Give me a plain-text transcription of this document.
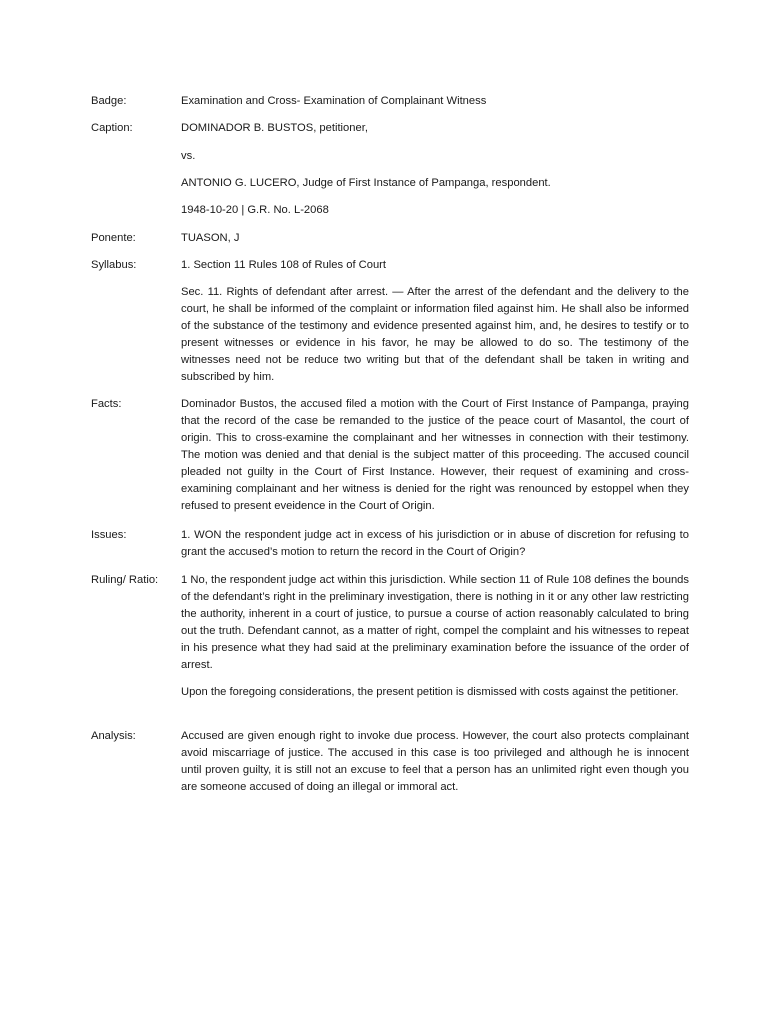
Badge:	Examination and Cross- Examination of Complainant Witness

Caption:	DOMINADOR B. BUSTOS, petitioner,

vs.

ANTONIO G. LUCERO, Judge of First Instance of Pampanga, respondent.

1948-10-20 | G.R. No. L-2068

Ponente:	TUASON, J

Syllabus:	1. Section 11 Rules 108 of Rules of Court

Sec. 11. Rights of defendant after arrest. — After the arrest of the defendant and the delivery to the court, he shall be informed of the complaint or information filed against him. He shall also be informed of the substance of the testimony and evidence presented against him, and, he desires to testify or to present witnesses or evidence in his favor, he may be allowed to do so. The testimony of the witnesses need not be reduce two writing but that of the defendant shall be taken in writing and subscribed by him.

Facts:	Dominador Bustos, the accused filed a motion with the Court of First Instance of Pampanga, praying that the record of the case be remanded to the justice of the peace court of Masantol, the court of origin. This to cross-examine the complainant and her witnesses in connection with their testimony. The motion was denied and that denial is the subject matter of this proceeding. The accused council pleaded not guilty in the Court of First Instance. However, their request of examining and cross-examining complainant and her witness is denied for the right was renounced by estoppel when they refused to present eveidence in the Court of Origin.

Issues:	1. WON the respondent judge act in excess of his jurisdiction or in abuse of discretion for refusing to grant the accused’s motion to return the record in the Court of Origin?

Ruling/ Ratio:	1 No, the respondent judge act within this jurisdiction. While section 11 of Rule 108 defines the bounds of the defendant’s right in the preliminary investigation, there is nothing in it or any other law restricting the authority, inherent in a court of justice, to pursue a course of action reasonably calculated to bring out the truth. Defendant cannot, as a matter of right, compel the complaint and his witnesses to repeat in his presence what they had said at the preliminary examination before the issuance of the order of arrest.

Upon the foregoing considerations, the present petition is dismissed with costs against the petitioner.

Analysis:	Accused are given enough right to invoke due process. However, the court also protects complainant avoid miscarriage of justice. The accused in this case is too privileged and although he is innocent until proven guilty, it is still not an excuse to feel that a person has an unlimited right even though you are someone accused of doing an illegal or immoral act.
